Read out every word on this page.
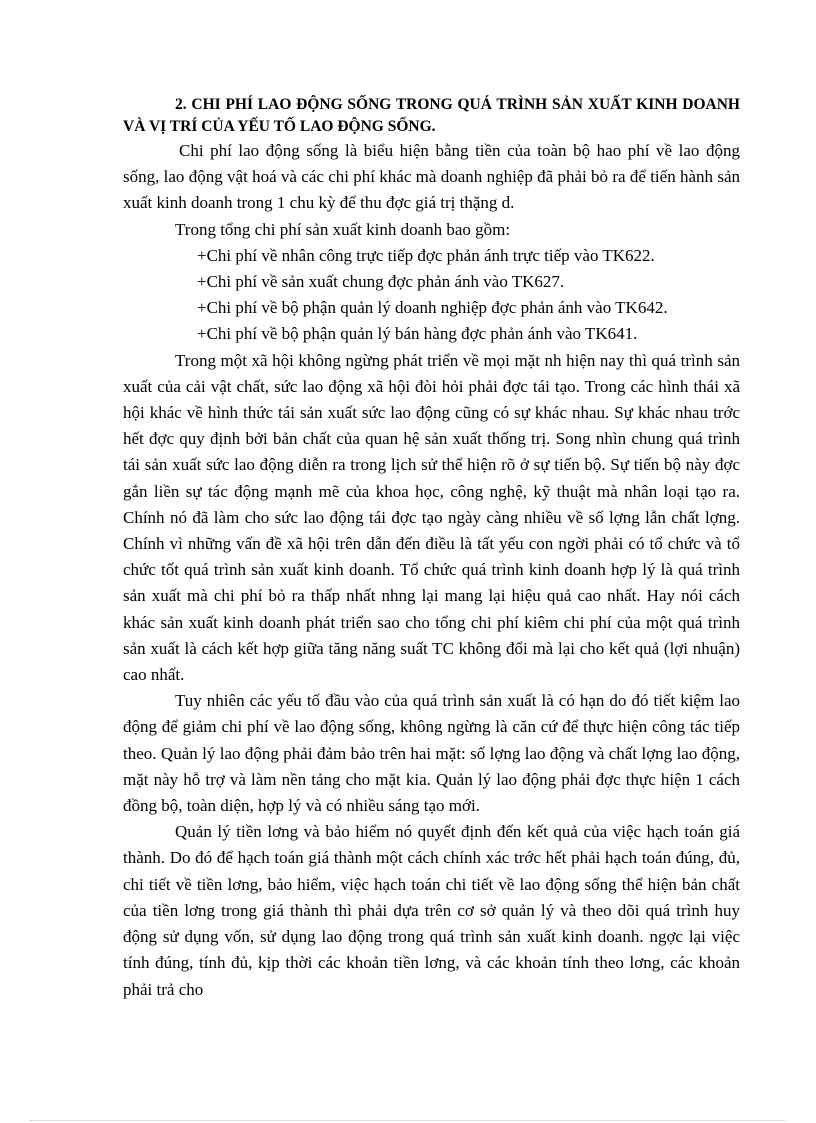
2. CHI PHÍ LAO ĐỘNG SỐNG TRONG QUÁ TRÌNH SẢN XUẤT KINH DOANH VÀ VỊ TRÍ CỦA YẾU TỐ LAO ĐỘNG SỐNG.

Chi phí lao động sống là biểu hiện bằng tiền của toàn bộ hao phí về lao động sống, lao động vật hoá và các chi phí khác mà doanh nghiệp đã phải bỏ ra để tiến hành sản xuất kinh doanh trong 1 chu kỳ để thu đợc giá trị thặng d.

Trong tổng chi phí sản xuất kinh doanh bao gồm:

+Chi phí về nhân công trực tiếp đợc phản ánh trực tiếp vào TK622.

+Chi phí về sản xuất chung đợc phản ánh vào TK627.

+Chi phí về bộ phận quản lý doanh nghiệp đợc phản ánh vào TK642.

+Chi phí về bộ phận quản lý bán hàng đợc phản ánh vào TK641.

Trong một xã hội không ngừng phát triển về mọi mặt nh hiện nay thì quá trình sản xuất của cải vật chất, sức lao động xã hội đòi hỏi phải đợc tái tạo. Trong các hình thái xã hội khác về hình thức tái sản xuất sức lao động cũng có sự khác nhau. Sự khác nhau trớc hết đợc quy định bởi bản chất của quan hệ sản xuất thống trị. Song nhìn chung quá trình tái sản xuất sức lao động diễn ra trong lịch sử thể hiện rõ ở sự tiến bộ. Sự tiến bộ này đợc gắn liền sự tác động mạnh mẽ của khoa học, công nghệ, kỹ thuật mà nhân loại tạo ra. Chính nó đã làm cho sức lao động tái đợc tạo ngày càng nhiều về số lợng lẫn chất lợng. Chính vì những vấn đề xã hội trên dẫn đến điều là tất yếu con ngời phải có tổ chức và tổ chức tốt quá trình sản xuất kinh doanh. Tổ chức quá trình kinh doanh hợp lý là quá trình sản xuất mà chi phí bỏ ra thấp nhất nhng lại mang lại hiệu quả cao nhất. Hay nói cách khác sản xuất kinh doanh phát triển sao cho tổng chi phí kiêm chi phí của một quá trình sản xuất là cách kết hợp giữa tăng năng suất TC không đổi mà lại cho kết quả (lợi nhuận) cao nhất.

Tuy nhiên các yếu tố đầu vào của quá trình sản xuất là có hạn do đó tiết kiệm lao động để giảm chi phí về lao động sống, không ngừng là căn cứ để thực hiện công tác tiếp theo. Quản lý lao động phải đảm bảo trên hai mặt: số lợng lao động và chất lợng lao động, mặt này hỗ trợ và làm nền tảng cho mặt kia. Quản lý lao động phải đợc thực hiện 1 cách đồng bộ, toàn diện, hợp lý và có nhiều sáng tạo mới.

Quản lý tiền lơng và bảo hiểm nó quyết định đến kết quả của việc hạch toán giá thành. Do đó để hạch toán giá thành một cách chính xác trớc hết phải hạch toán đúng, đủ, chi tiết về tiền lơng, bảo hiểm, việc hạch toán chi tiết về lao động sống thể hiện bản chất của tiền lơng trong giá thành thì phải dựa trên cơ sở quản lý và theo dõi quá trình huy động sử dụng vốn, sử dụng lao động trong quá trình sản xuất kinh doanh. ngợc lại việc tính đúng, tính đủ, kịp thời các khoản tiền lơng, và các khoản tính theo lơng, các khoản phải trả cho
